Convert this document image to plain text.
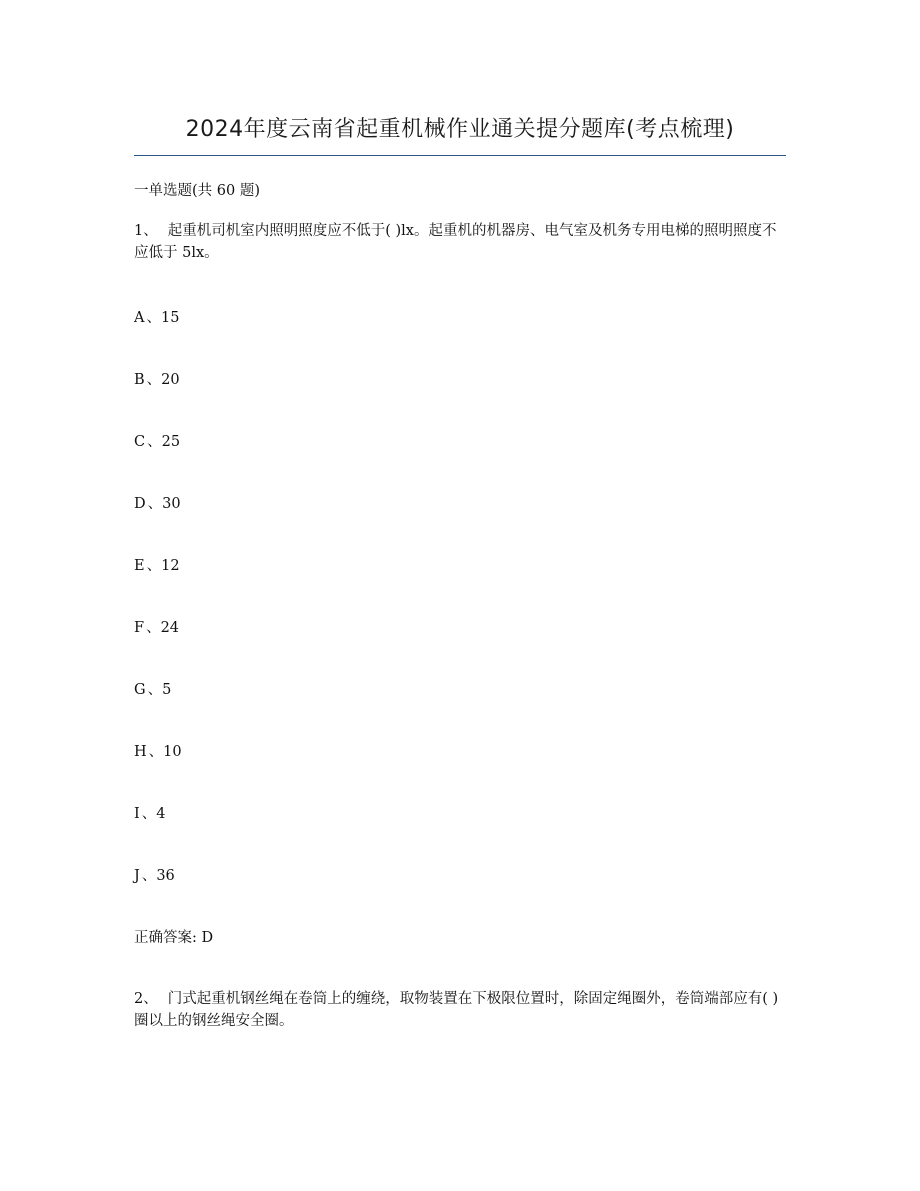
2024年度云南省起重机械作业通关提分题库(考点梳理)
一单选题(共 60 题)
1、 起重机司机室内照明照度应不低于( )lx。起重机的机器房、电气室及机务专用电梯的照明照度不应低于 5lx。
A 、15
B 、20
C 、25
D 、30
E 、12
F 、24
G 、5
H 、10
I 、4
J 、36
正确答案: D
2、 门式起重机钢丝绳在卷筒上的缠绕，取物装置在下极限位置时，除固定绳圈外，卷筒端部应有( )圈以上的钢丝绳安全圈。
